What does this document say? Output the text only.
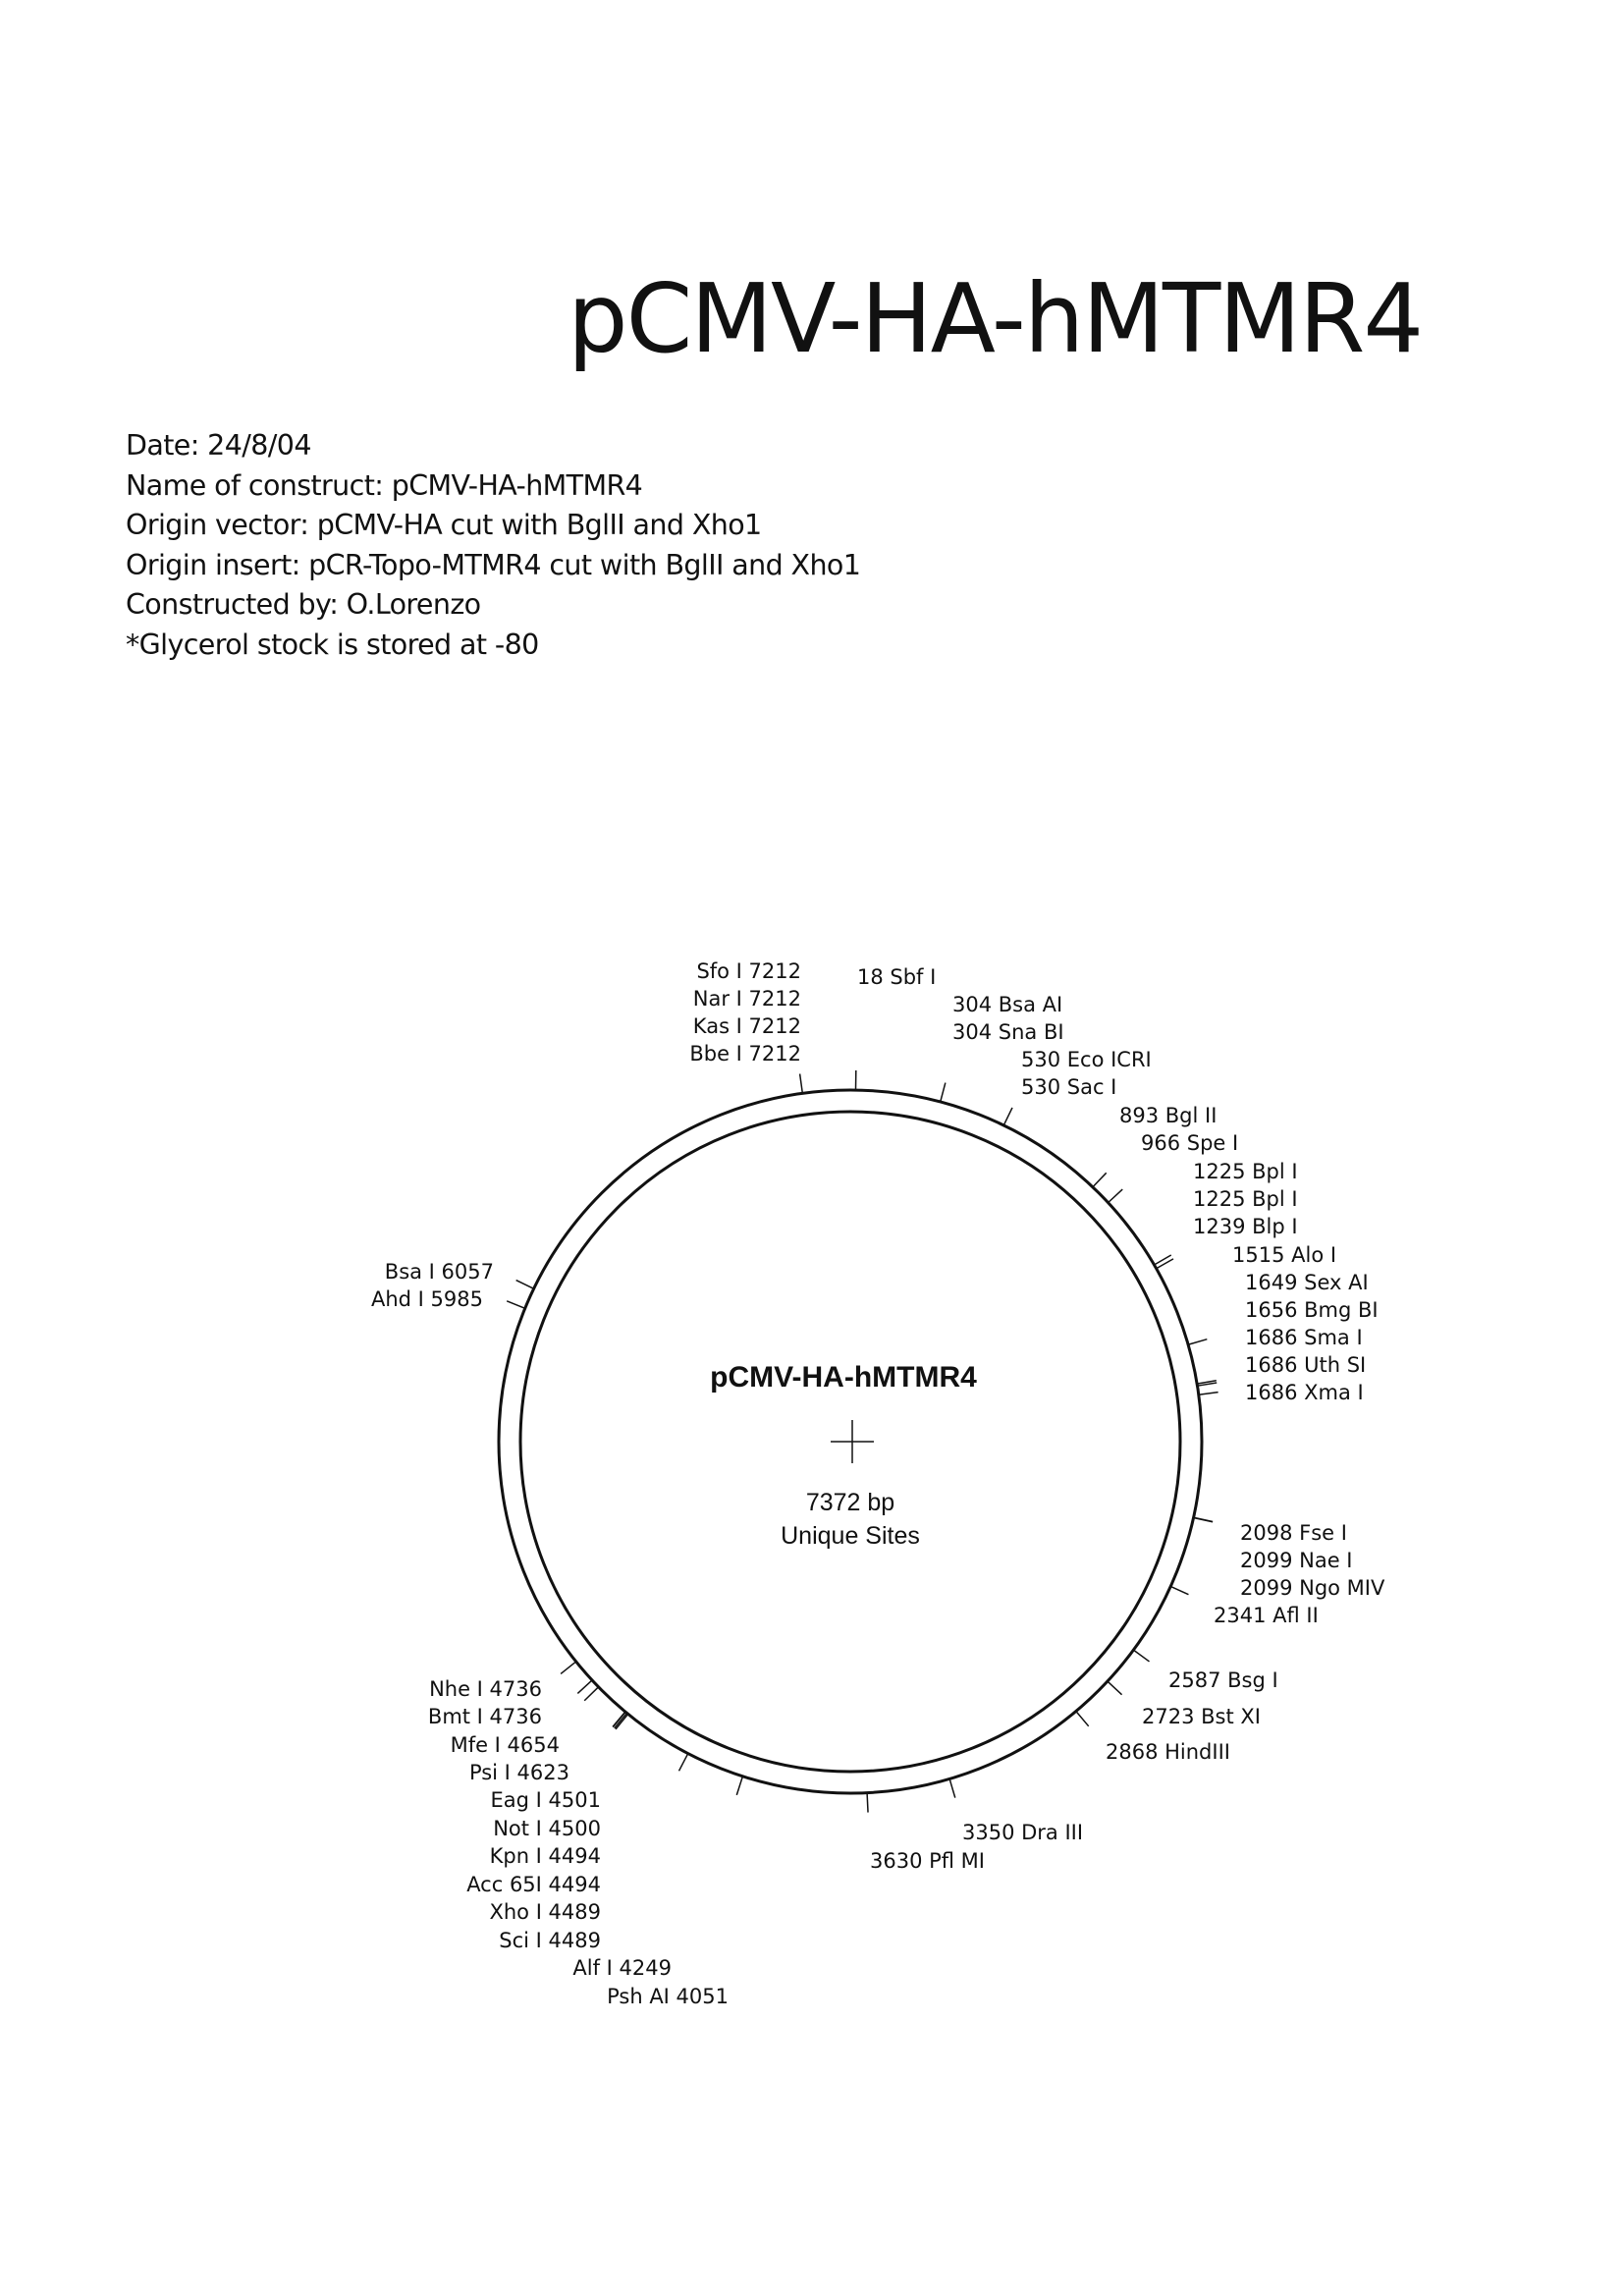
pCMV-HA-hMTMR4
Date: 24/8/04
Name of construct: pCMV-HA-hMTMR4
Origin vector: pCMV-HA cut with BglII and Xho1
Origin insert: pCR-Topo-MTMR4 cut with BglII and Xho1
Constructed by: O.Lorenzo
*Glycerol stock is stored at -80
18 Sbf I
304 Bsa AI
304 Sna BI
530 Eco ICRI
530 Sac I
893 Bgl II
966 Spe I
1225 Bpl I
1225 Bpl I
1239 Blp I
1515 Alo I
1649 Sex AI
1656 Bmg BI
1686 Sma I
1686 Uth SI
1686 Xma I
2098 Fse I
2099 Nae I
2099 Ngo MIV
2341 Afl II
2587 Bsg I
2723 Bst XI
2868 HindIII
3350 Dra III
3630 Pfl MI
Psh AI 4051
Alf I 4249
Sci I 4489
Xho I 4489
Acc 65I 4494
Kpn I 4494
Not I 4500
Eag I 4501
Psi I 4623
Mfe I 4654
Bmt I 4736
Nhe I 4736
Ahd I 5985
Bsa I 6057
Bbe I 7212
Kas I 7212
Nar I 7212
Sfo I 7212
pCMV-HA-hMTMR4
7372 bp
Unique Sites
